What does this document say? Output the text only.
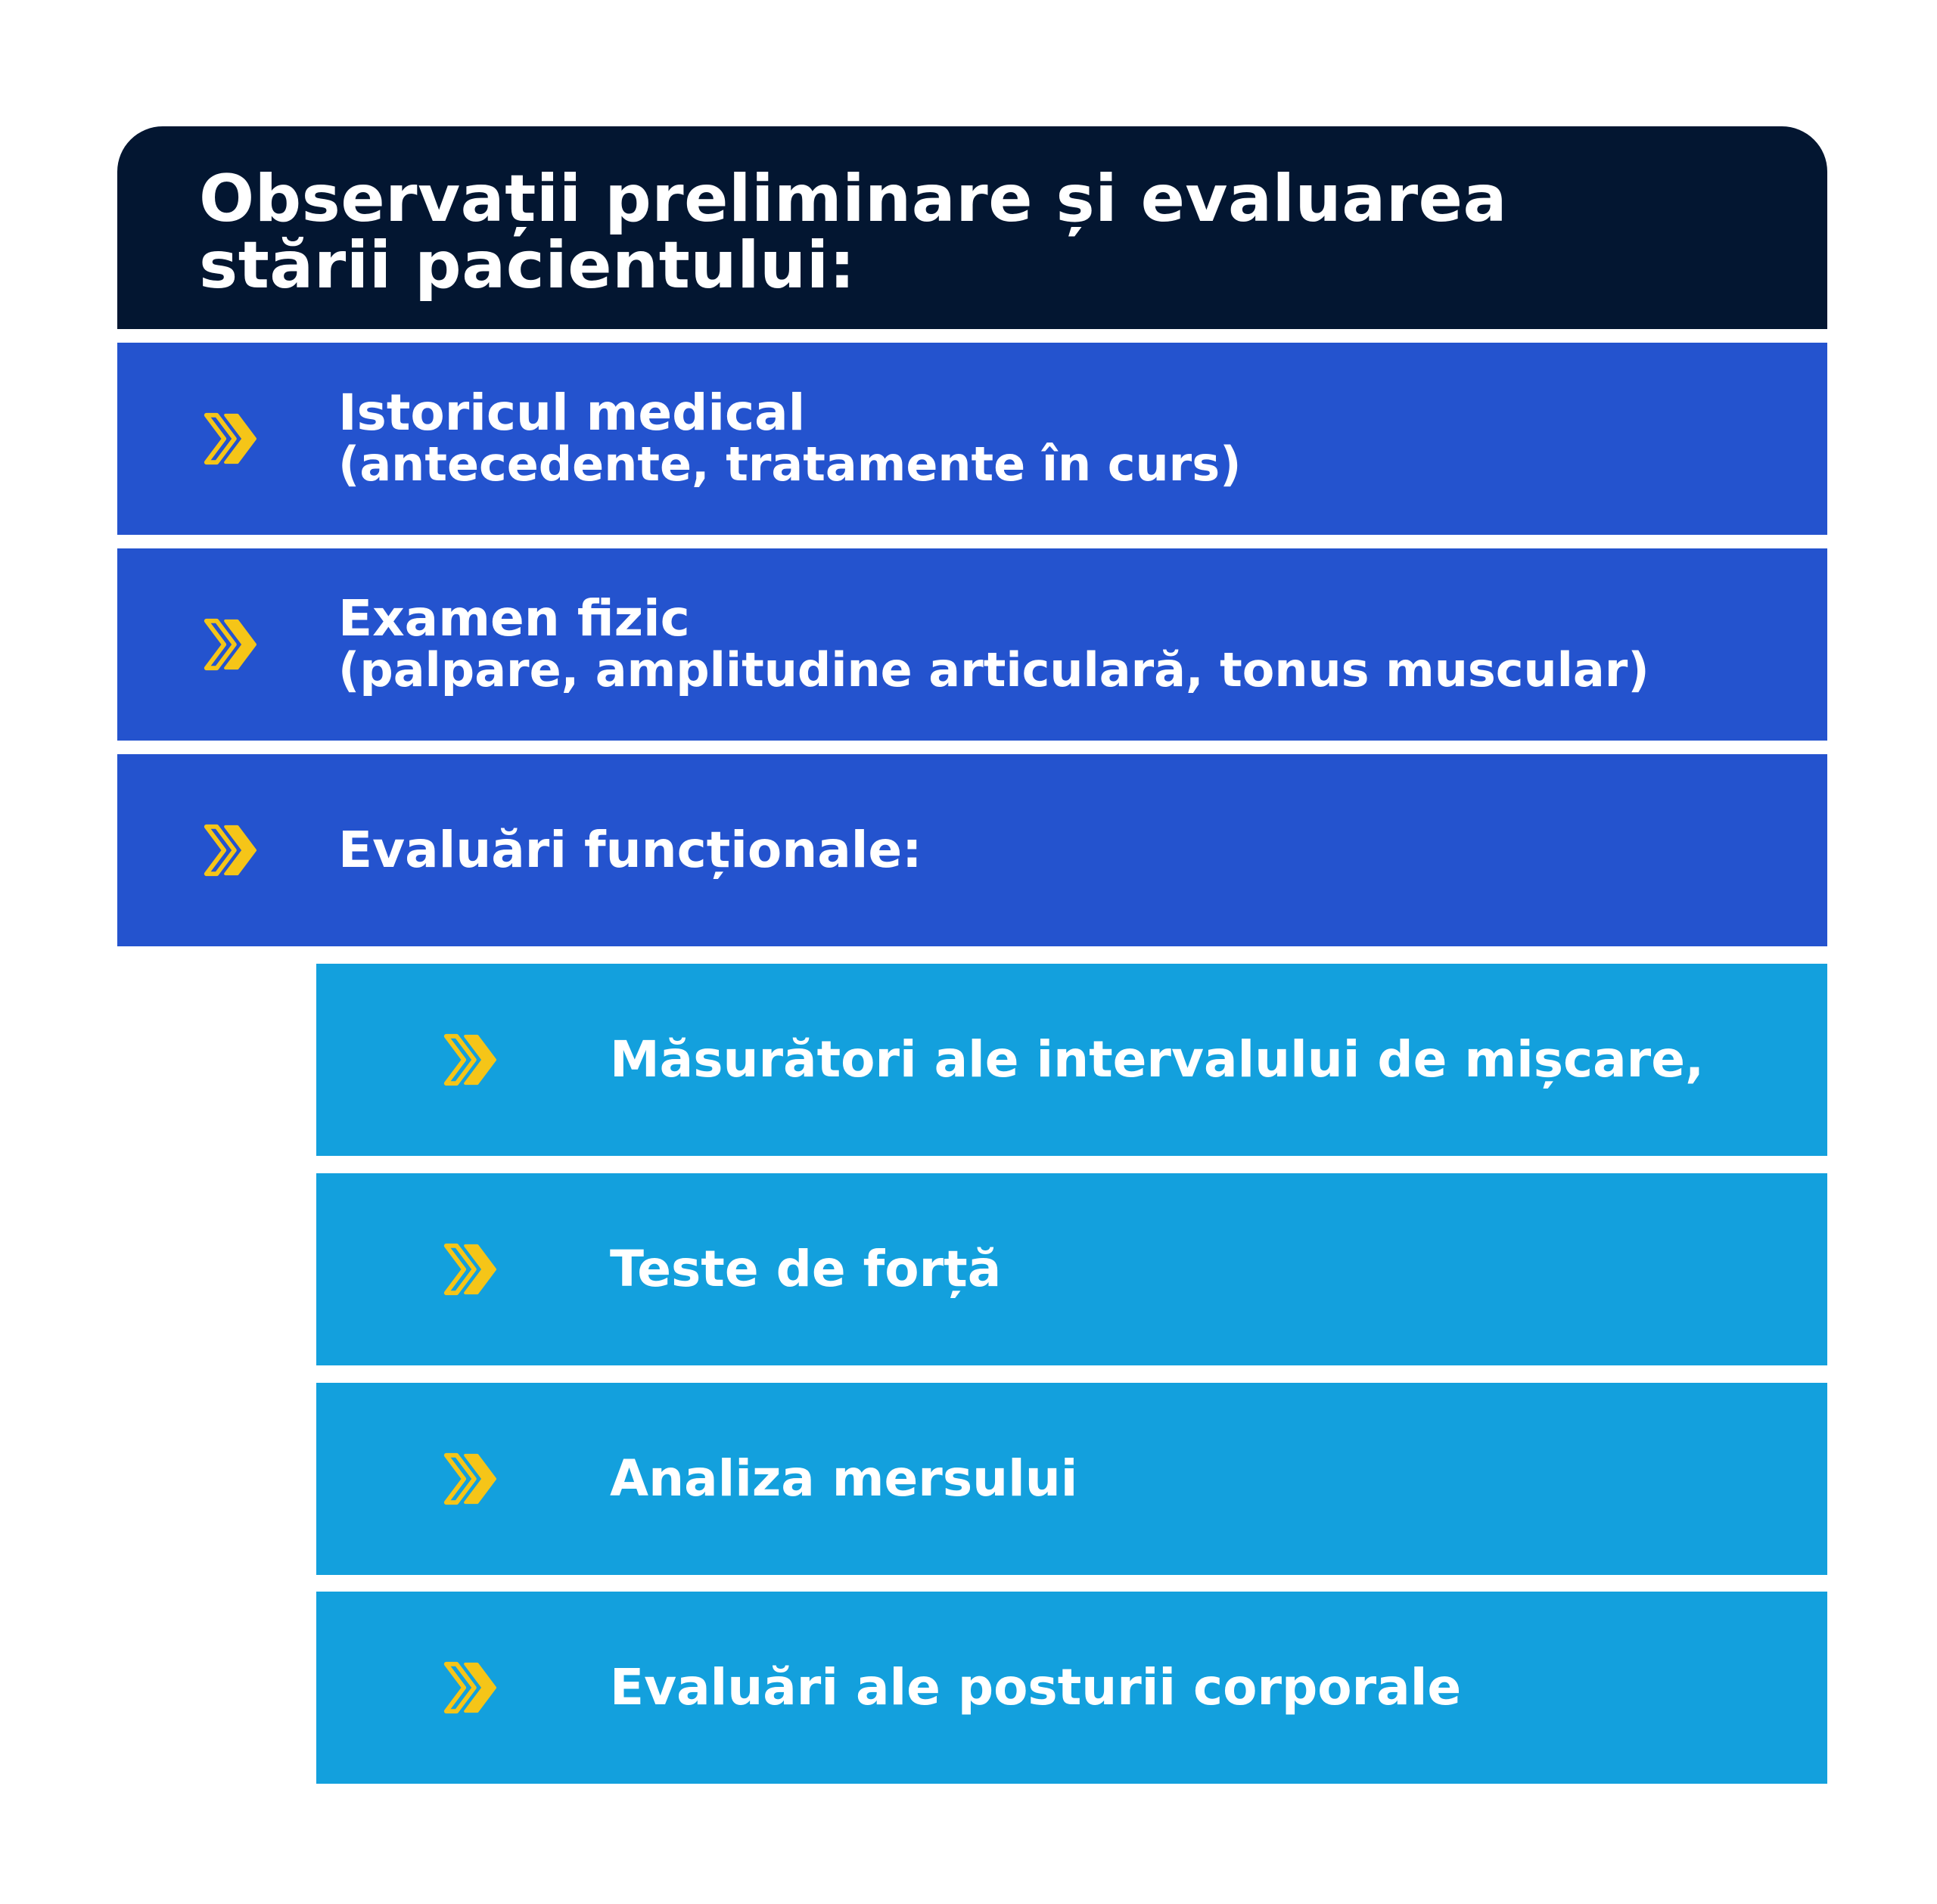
Observații preliminare și evaluarea
stării pacientului:
Istoricul medical
(antecedente, tratamente în curs)
Examen fizic
(palpare, amplitudine articulară, tonus muscular)
Evaluări funcționale:
Măsurători ale intervalului de mișcare,
Teste de forță
Analiza mersului
Evaluări ale posturii corporale
